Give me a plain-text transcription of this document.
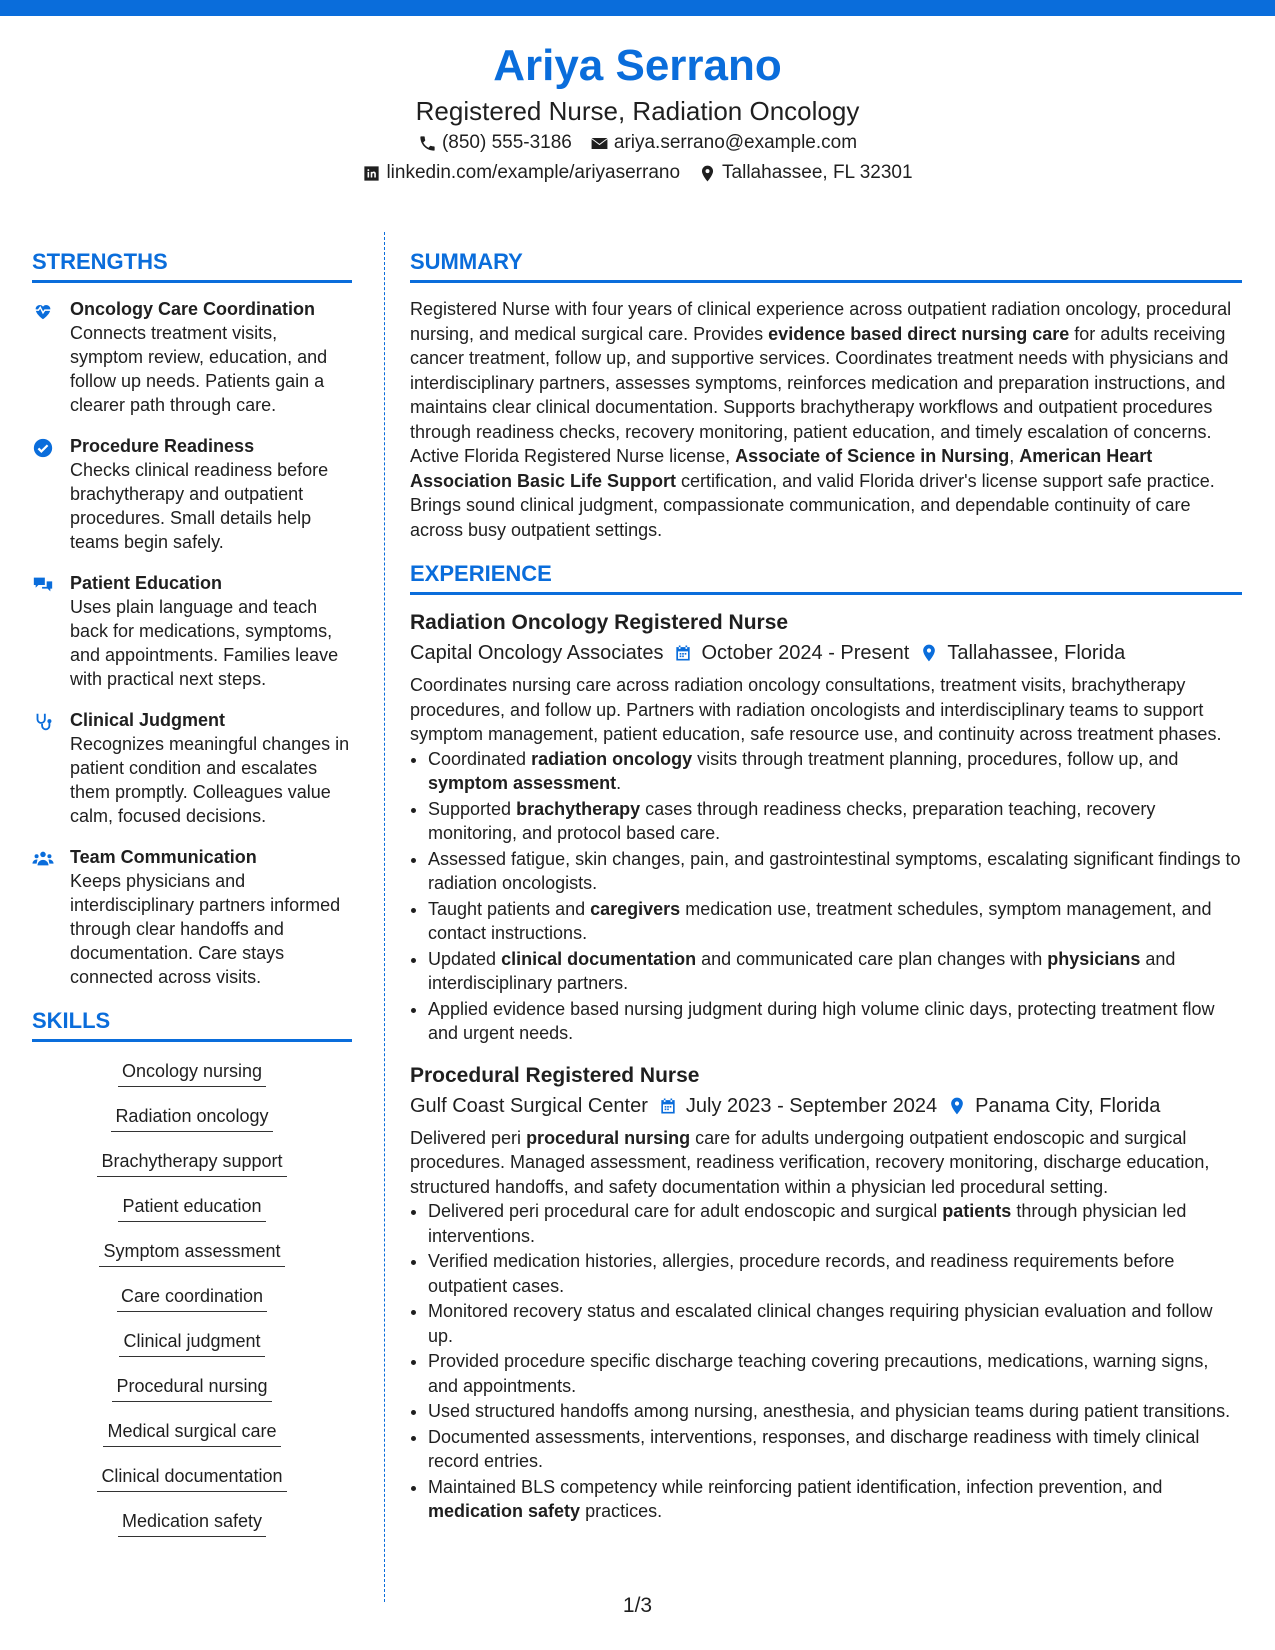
Ariya Serrano
Registered Nurse, Radiation Oncology
(850) 555-3186 ariya.serrano@example.com
linkedin.com/example/ariyaserrano Tallahassee, FL 32301
STRENGTHS
Oncology Care Coordination
Connects treatment visits, symptom review, education, and follow up needs. Patients gain a clearer path through care.
Procedure Readiness
Checks clinical readiness before brachytherapy and outpatient procedures. Small details help teams begin safely.
Patient Education
Uses plain language and teach back for medications, symptoms, and appointments. Families leave with practical next steps.
Clinical Judgment
Recognizes meaningful changes in patient condition and escalates them promptly. Colleagues value calm, focused decisions.
Team Communication
Keeps physicians and interdisciplinary partners informed through clear handoffs and documentation. Care stays connected across visits.
SKILLS
Oncology nursing
Radiation oncology
Brachytherapy support
Patient education
Symptom assessment
Care coordination
Clinical judgment
Procedural nursing
Medical surgical care
Clinical documentation
Medication safety
SUMMARY
Registered Nurse with four years of clinical experience across outpatient radiation oncology, procedural nursing, and medical surgical care. Provides evidence based direct nursing care for adults receiving cancer treatment, follow up, and supportive services. Coordinates treatment needs with physicians and interdisciplinary partners, assesses symptoms, reinforces medication and preparation instructions, and maintains clear clinical documentation. Supports brachytherapy workflows and outpatient procedures through readiness checks, recovery monitoring, patient education, and timely escalation of concerns. Active Florida Registered Nurse license, Associate of Science in Nursing, American Heart Association Basic Life Support certification, and valid Florida driver's license support safe practice. Brings sound clinical judgment, compassionate communication, and dependable continuity of care across busy outpatient settings.
EXPERIENCE
Radiation Oncology Registered Nurse
Capital Oncology Associates October 2024 - Present Tallahassee, Florida
Coordinates nursing care across radiation oncology consultations, treatment visits, brachytherapy procedures, and follow up. Partners with radiation oncologists and interdisciplinary teams to support symptom management, patient education, safe resource use, and continuity across treatment phases.
• Coordinated radiation oncology visits through treatment planning, procedures, follow up, and symptom assessment.
• Supported brachytherapy cases through readiness checks, preparation teaching, recovery monitoring, and protocol based care.
• Assessed fatigue, skin changes, pain, and gastrointestinal symptoms, escalating significant findings to radiation oncologists.
• Taught patients and caregivers medication use, treatment schedules, symptom management, and contact instructions.
• Updated clinical documentation and communicated care plan changes with physicians and interdisciplinary partners.
• Applied evidence based nursing judgment during high volume clinic days, protecting treatment flow and urgent needs.
Procedural Registered Nurse
Gulf Coast Surgical Center July 2023 - September 2024 Panama City, Florida
Delivered peri procedural nursing care for adults undergoing outpatient endoscopic and surgical procedures. Managed assessment, readiness verification, recovery monitoring, discharge education, structured handoffs, and safety documentation within a physician led procedural setting.
• Delivered peri procedural care for adult endoscopic and surgical patients through physician led interventions.
• Verified medication histories, allergies, procedure records, and readiness requirements before outpatient cases.
• Monitored recovery status and escalated clinical changes requiring physician evaluation and follow up.
• Provided procedure specific discharge teaching covering precautions, medications, warning signs, and appointments.
• Used structured handoffs among nursing, anesthesia, and physician teams during patient transitions.
• Documented assessments, interventions, responses, and discharge readiness with timely clinical record entries.
• Maintained BLS competency while reinforcing patient identification, infection prevention, and medication safety practices.
1/3
